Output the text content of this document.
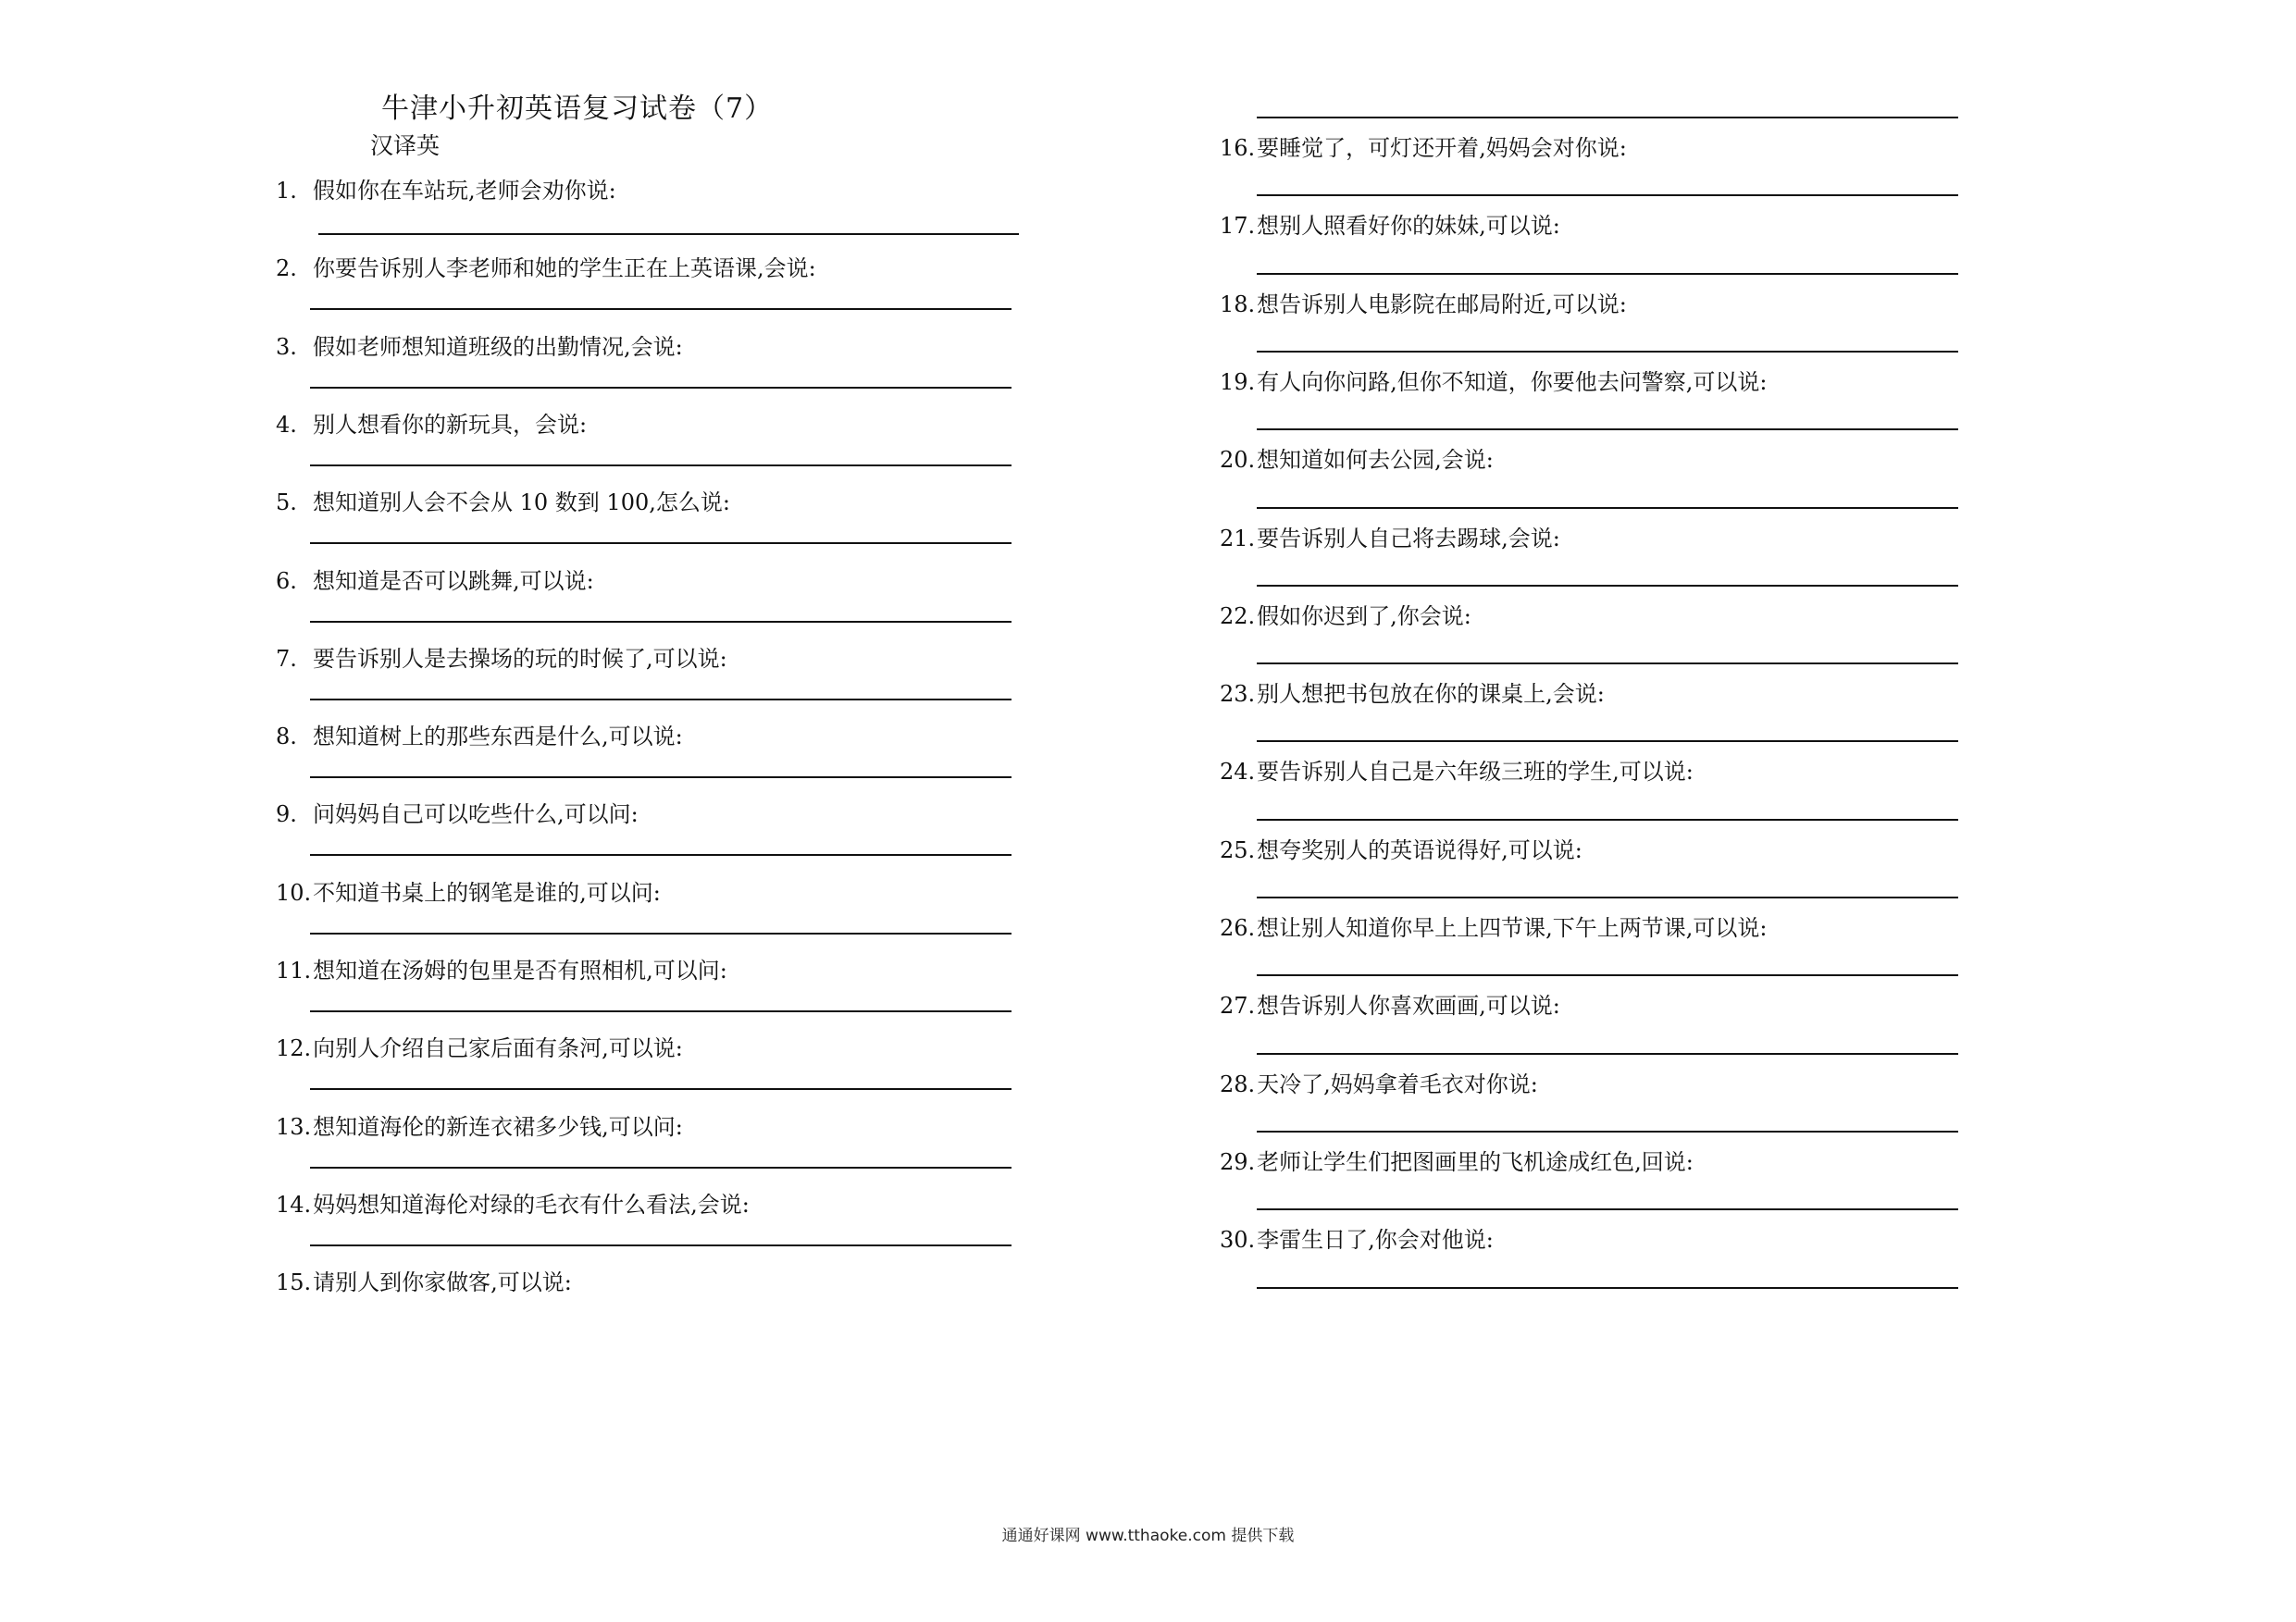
牛津小升初英语复习试卷（7）
汉译英
1. 假如你在车站玩,老师会劝你说:
2. 你要告诉别人李老师和她的学生正在上英语课,会说:
3. 假如老师想知道班级的出勤情况,会说:
4. 别人想看你的新玩具，会说:
5. 想知道别人会不会从 10 数到 100,怎么说:
6. 想知道是否可以跳舞,可以说:
7. 要告诉别人是去操场的玩的时候了,可以说:
8. 想知道树上的那些东西是什么,可以说:
9. 问妈妈自己可以吃些什么,可以问:
10.不知道书桌上的钢笔是谁的,可以问:
11.想知道在汤姆的包里是否有照相机,可以问:
12.向别人介绍自己家后面有条河,可以说:
13.想知道海伦的新连衣裙多少钱,可以问:
14.妈妈想知道海伦对绿的毛衣有什么看法,会说:
15.请别人到你家做客,可以说:
16.要睡觉了，可灯还开着,妈妈会对你说:
17.想别人照看好你的妹妹,可以说:
18.想告诉别人电影院在邮局附近,可以说:
19.有人向你问路,但你不知道，你要他去问警察,可以说:
20.想知道如何去公园,会说:
21.要告诉别人自己将去踢球,会说:
22.假如你迟到了,你会说:
23.别人想把书包放在你的课桌上,会说:
24.要告诉别人自己是六年级三班的学生,可以说:
25.想夸奖别人的英语说得好,可以说:
26.想让别人知道你早上上四节课,下午上两节课,可以说:
27.想告诉别人你喜欢画画,可以说:
28.天冷了,妈妈拿着毛衣对你说:
29.老师让学生们把图画里的飞机途成红色,回说:
30.李雷生日了,你会对他说:
通通好课网 www.tthaoke.com 提供下载
